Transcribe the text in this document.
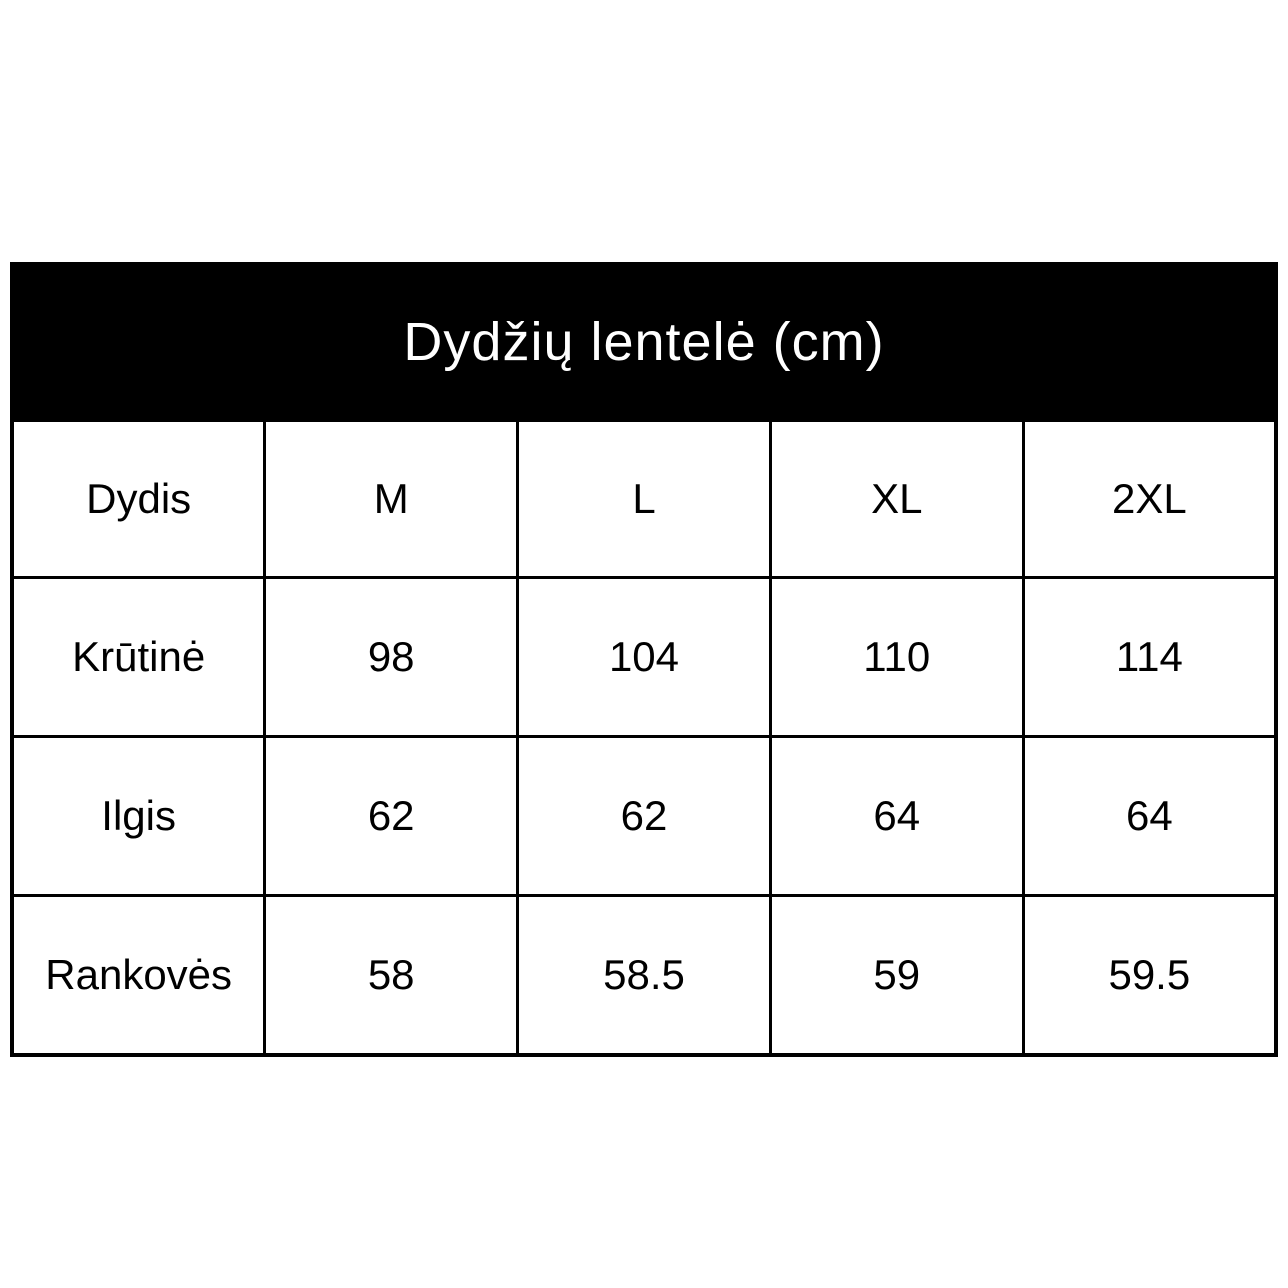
Dydžių lentelė (cm)				
Dydis	M	L	XL	2XL
Krūtinė	98	104	110	114
Ilgis	62	62	64	64
Rankovės	58	58.5	59	59.5
